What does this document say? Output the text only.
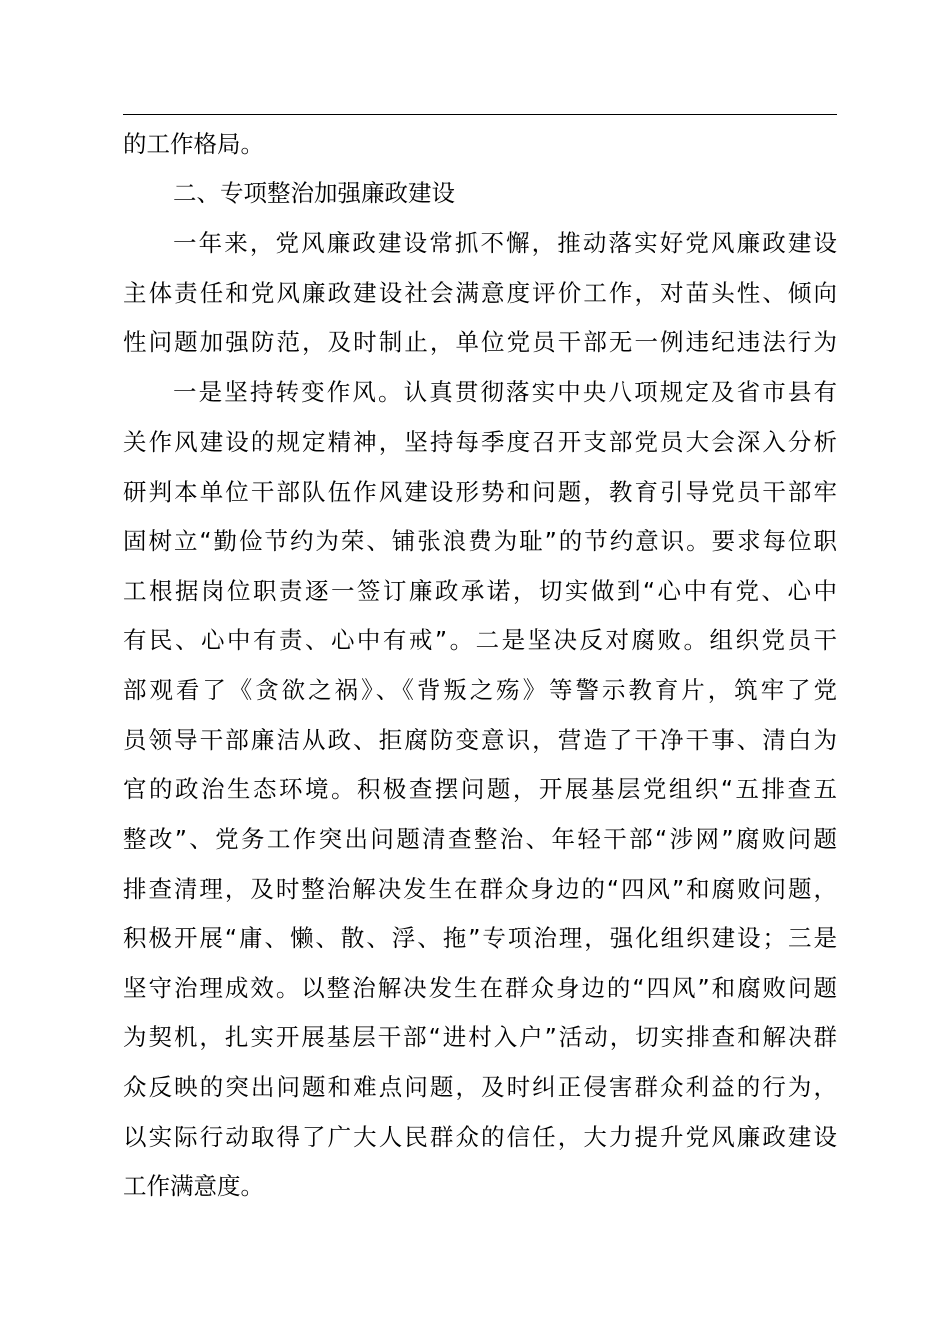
的工作格局。
二、专项整治加强廉政建设
一年来，党风廉政建设常抓不懈，推动落实好党风廉政建设
主体责任和党风廉政建设社会满意度评价工作，对苗头性、倾向
性问题加强防范，及时制止，单位党员干部无一例违纪违法行为
一是坚持转变作风。认真贯彻落实中央八项规定及省市县有
关作风建设的规定精神，坚持每季度召开支部党员大会深入分析
研判本单位干部队伍作风建设形势和问题，教育引导党员干部牢
固树立“勤俭节约为荣、铺张浪费为耻”的节约意识。要求每位职
工根据岗位职责逐一签订廉政承诺，切实做到“心中有党、心中
有民、心中有责、心中有戒”。二是坚决反对腐败。组织党员干
部观看了《贪欲之祸》、《背叛之殇》等警示教育片，筑牢了党
员领导干部廉洁从政、拒腐防变意识，营造了干净干事、清白为
官的政治生态环境。积极查摆问题，开展基层党组织“五排查五
整改”、党务工作突出问题清查整治、年轻干部“涉网”腐败问题
排查清理，及时整治解决发生在群众身边的“四风”和腐败问题，
积极开展“庸、懒、散、浮、拖”专项治理，强化组织建设；三是
坚守治理成效。以整治解决发生在群众身边的“四风”和腐败问题
为契机，扎实开展基层干部“进村入户”活动，切实排查和解决群
众反映的突出问题和难点问题，及时纠正侵害群众利益的行为，
以实际行动取得了广大人民群众的信任，大力提升党风廉政建设
工作满意度。
